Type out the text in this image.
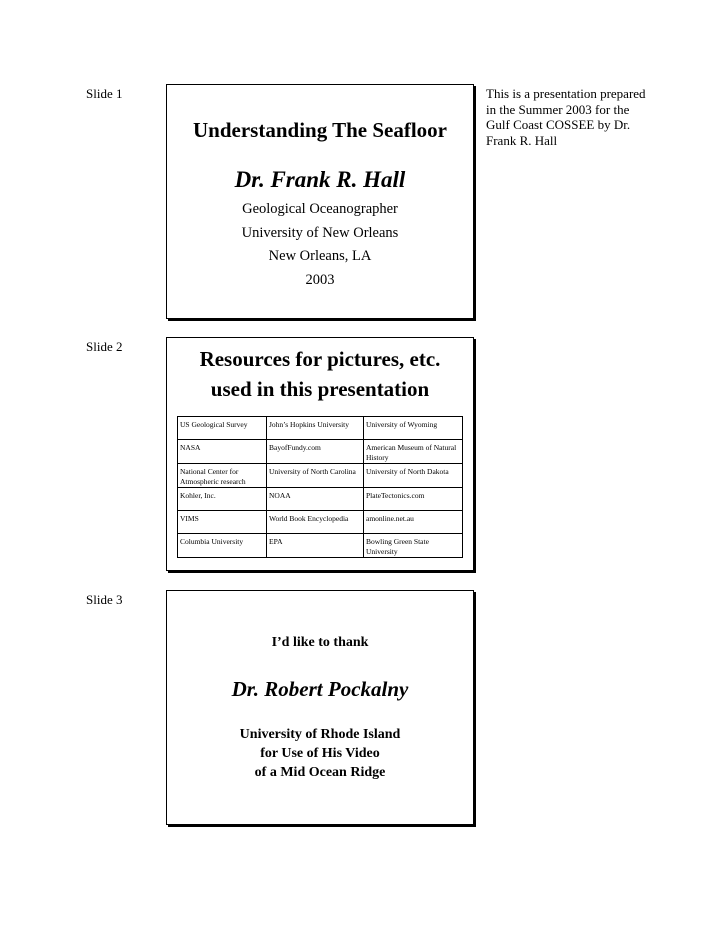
Slide 1
Slide 2
Slide 3
This is a presentation prepared in the Summer 2003 for the Gulf Coast COSSEE by Dr. Frank R. Hall
Understanding The Seafloor
Dr. Frank R. Hall
Geological Oceanographer
University of New Orleans
New Orleans, LA
2003
Resources for pictures, etc.
used in this presentation
US Geological Survey	John’s Hopkins University	University of Wyoming
NASA	BayofFundy.com	American Museum of Natural History
National Center for Atmospheric research	University of North Carolina	University of North Dakota
Kohler, Inc.	NOAA	PlateTectonics.com
VIMS	World Book Encyclopedia	amonline.net.au
Columbia University	EPA	Bowling Green State University
I’d like to thank
Dr. Robert Pockalny
University of Rhode Island
for Use of His Video
of a Mid Ocean Ridge
